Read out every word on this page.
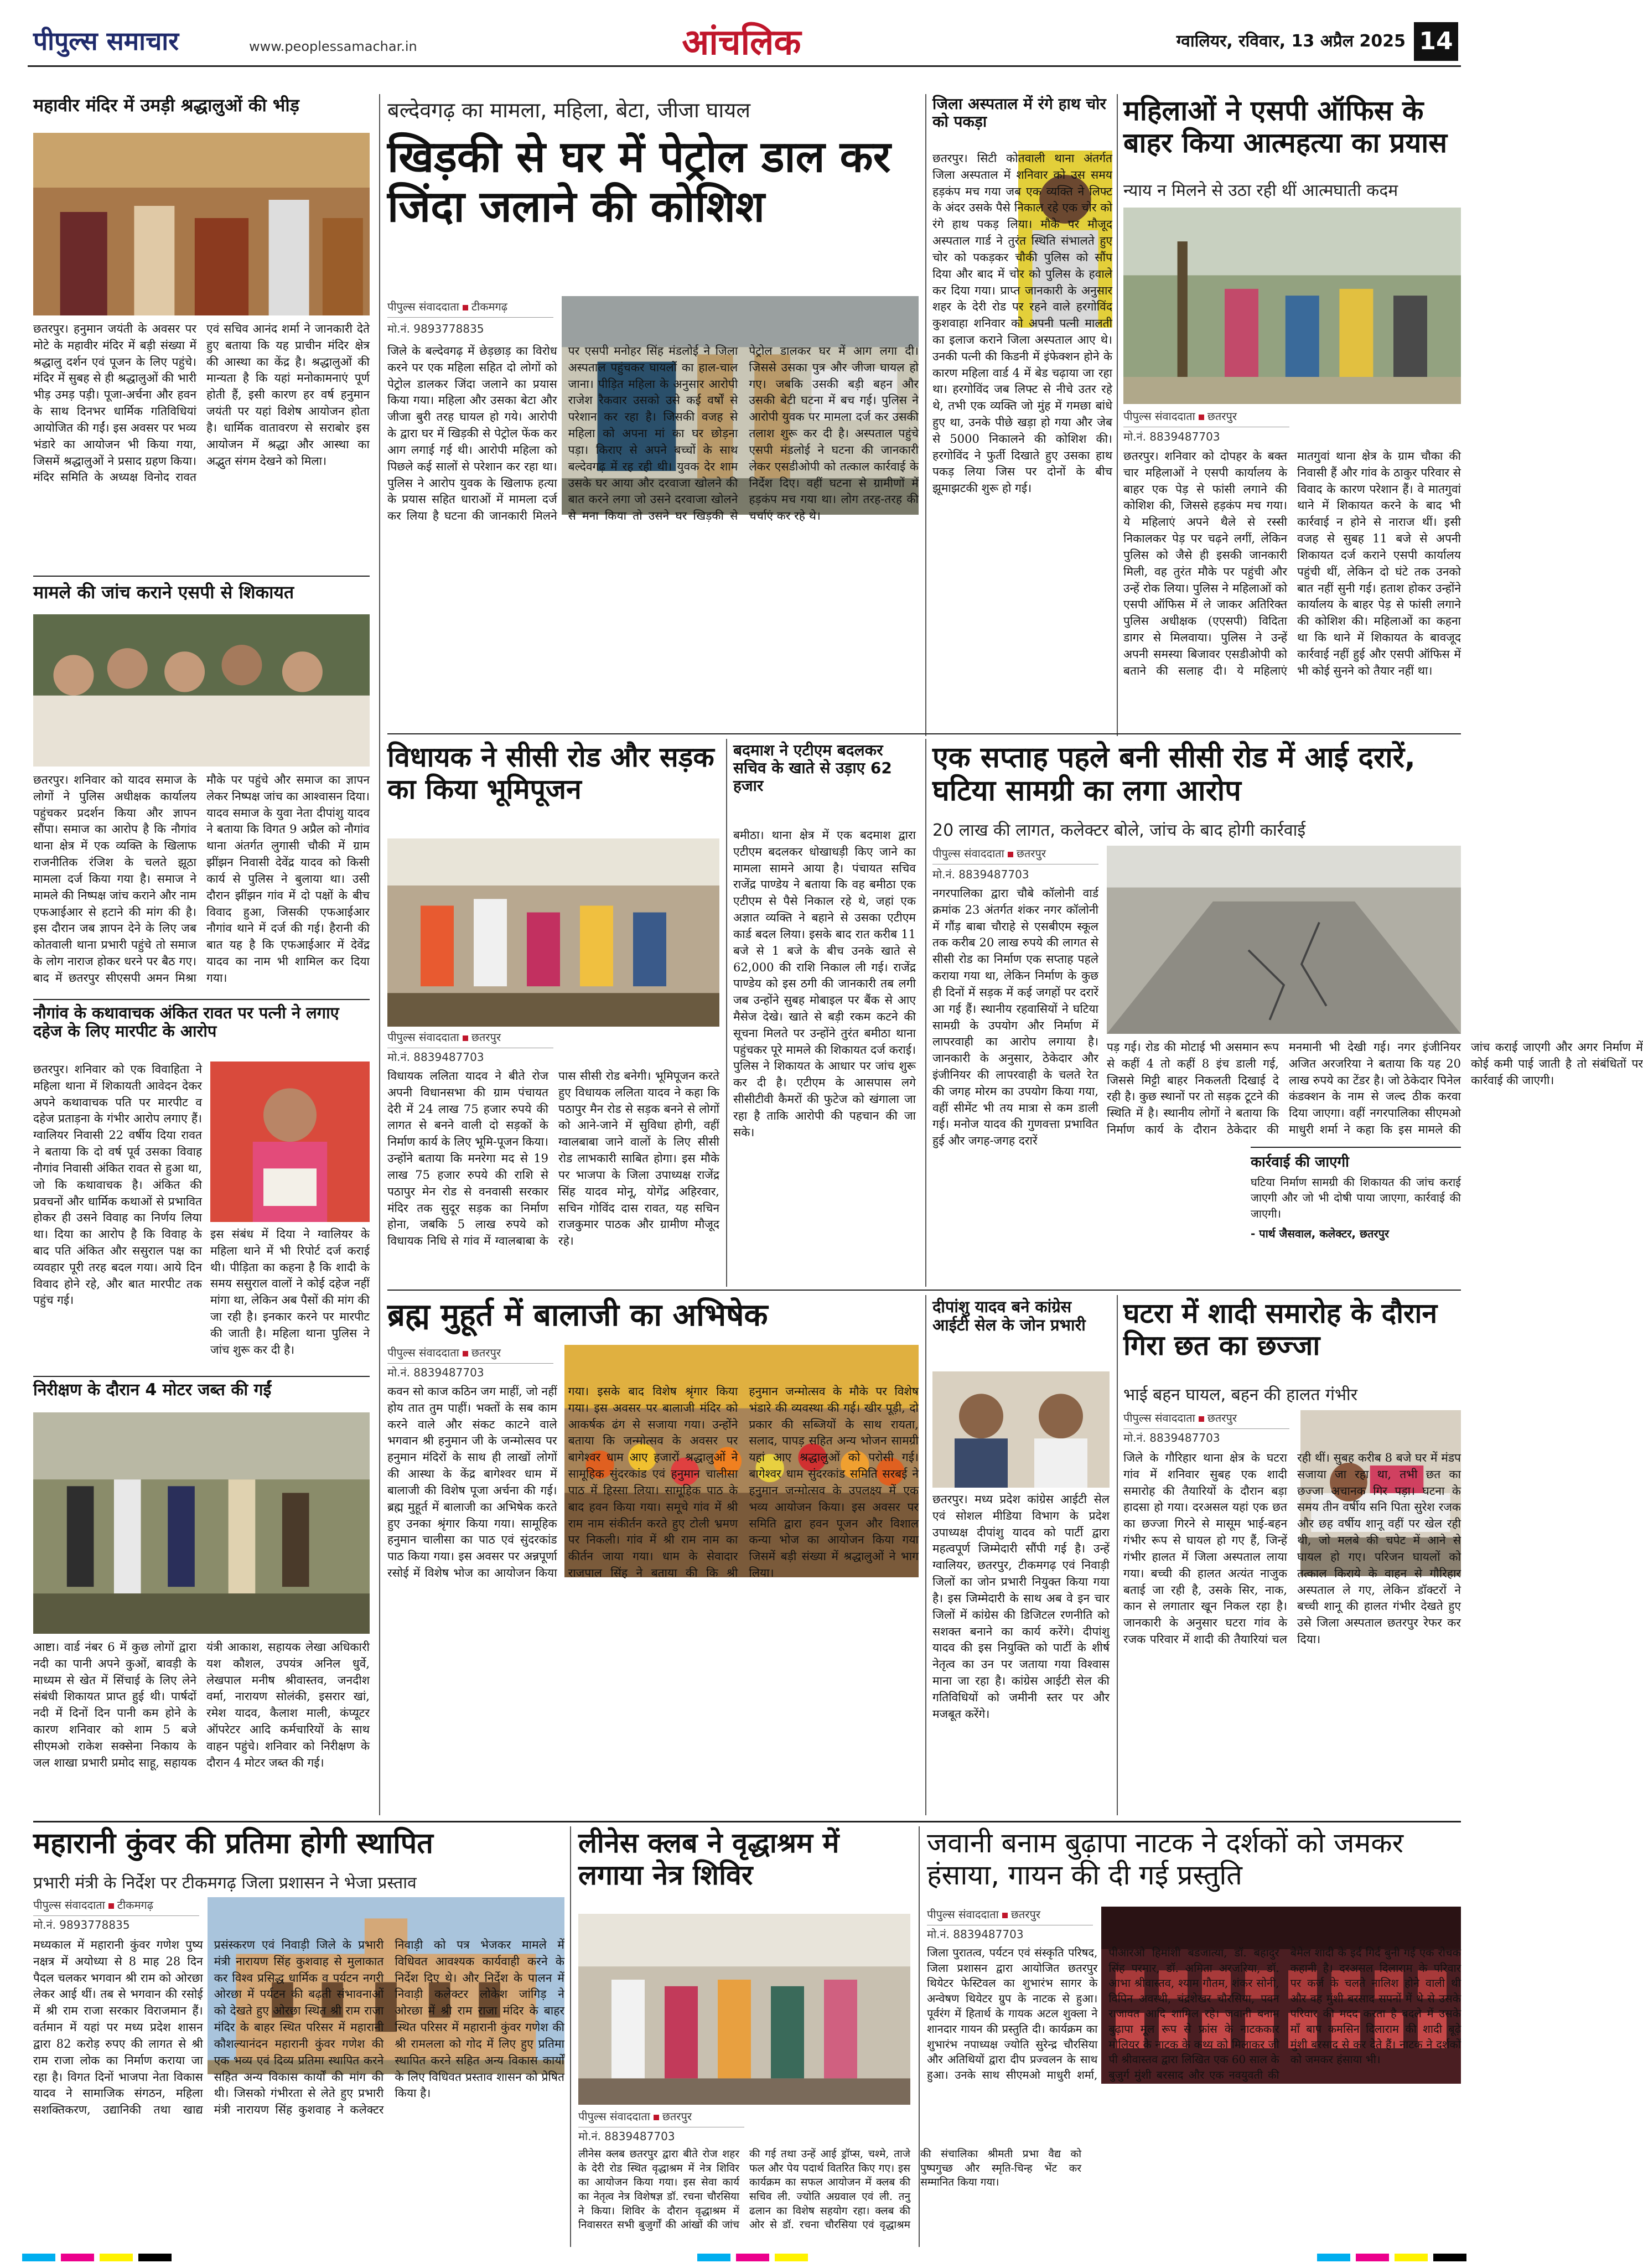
पीपुल्स समाचार	www.peoplessamachar.in	आंचलिक	ग्वालियर, रविवार, 13 अप्रैल 2025 14
महावीर मंदिर में उमड़ी श्रद्धालुओं की भीड़
छतरपुर। हनुमान जयंती के अवसर पर मोटे के महावीर मंदिर में बड़ी संख्या में श्रद्धालु दर्शन एवं पूजन के लिए पहुंचे। मंदिर में सुबह से ही श्रद्धालुओं की भारी भीड़ उमड़ पड़ी। पूजा-अर्चना और हवन के साथ दिनभर धार्मिक गतिविधियां आयोजित की गईं। इस अवसर पर भव्य भंडारे का आयोजन भी किया गया, जिसमें श्रद्धालुओं ने प्रसाद ग्रहण किया। मंदिर समिति के अध्यक्ष विनोद रावत एवं सचिव आनंद शर्मा ने जानकारी देते हुए बताया कि यह प्राचीन मंदिर क्षेत्र की आस्था का केंद्र है। श्रद्धालुओं की मान्यता है कि यहां मनोकामनाएं पूर्ण होती हैं, इसी कारण हर वर्ष हनुमान जयंती पर यहां विशेष आयोजन होता है। धार्मिक वातावरण से सराबोर इस आयोजन में श्रद्धा और आस्था का अद्भुत संगम देखने को मिला।
मामले की जांच कराने एसपी से शिकायत
छतरपुर। शनिवार को यादव समाज के लोगों ने पुलिस अधीक्षक कार्यालय पहुंचकर प्रदर्शन किया और ज्ञापन सौंपा। समाज का आरोप है कि नौगांव थाना क्षेत्र में एक व्यक्ति के खिलाफ राजनीतिक रंजिश के चलते झूठा मामला दर्ज किया गया है। समाज ने मामले की निष्पक्ष जांच कराने और नाम एफआईआर से हटाने की मांग की है। इस दौरान जब ज्ञापन देने के लिए जब कोतवाली थाना प्रभारी पहुंचे तो समाज के लोग नाराज होकर धरने पर बैठ गए। बाद में छतरपुर सीएसपी अमन मिश्रा मौके पर पहुंचे और समाज का ज्ञापन लेकर निष्पक्ष जांच का आश्वासन दिया। यादव समाज के युवा नेता दीपांशु यादव ने बताया कि विगत 9 अप्रैल को नौगांव थाना अंतर्गत लुगासी चौकी में ग्राम झींझन निवासी देवेंद्र यादव को किसी कार्य से पुलिस ने बुलाया था। उसी दौरान झींझन गांव में दो पक्षों के बीच विवाद हुआ, जिसकी एफआईआर नौगांव थाने में दर्ज की गई। हैरानी की बात यह है कि एफआईआर में देवेंद्र यादव का नाम भी शामिल कर दिया गया।
नौगांव के कथावाचक अंकित रावत पर पत्नी ने लगाए दहेज के लिए मारपीट के आरोप
छतरपुर। शनिवार को एक विवाहिता ने महिला थाना में शिकायती आवेदन देकर अपने कथावाचक पति पर मारपीट व दहेज प्रताड़ना के गंभीर आरोप लगाए हैं। ग्वालियर निवासी 22 वर्षीय दिया रावत ने बताया कि दो वर्ष पूर्व उसका विवाह नौगांव निवासी अंकित रावत से हुआ था, जो कि कथावाचक है। अंकित की प्रवचनों और धार्मिक कथाओं से प्रभावित होकर ही उसने विवाह का निर्णय लिया था। दिया का आरोप है कि विवाह के बाद पति अंकित और ससुराल पक्ष का व्यवहार पूरी तरह बदल गया। आये दिन विवाद होने रहे, और बात मारपीट तक पहुंच गई।
इस संबंध में दिया ने ग्वालियर के महिला थाने में भी रिपोर्ट दर्ज कराई थी। पीड़िता का कहना है कि शादी के समय ससुराल वालों ने कोई दहेज नहीं मांगा था, लेकिन अब पैसों की मांग की जा रही है। इनकार करने पर मारपीट की जाती है। महिला थाना पुलिस ने जांच शुरू कर दी है।
निरीक्षण के दौरान 4 मोटर जब्त की गईं
आष्टा। वार्ड नंबर 6 में कुछ लोगों द्वारा नदी का पानी अपने कुओं, बावड़ी के माध्यम से खेत में सिंचाई के लिए लेने संबंधी शिकायत प्राप्त हुई थी। पार्षदों नदी में दिनों दिन पानी कम होने के कारण शनिवार को शाम 5 बजे सीएमओ राकेश सक्सेना निकाय के जल शाखा प्रभारी प्रमोद साहू, सहायक यंत्री आकाश, सहायक लेखा अधिकारी यश कौशल, उपयंत्र अनिल धुर्वे, लेखपाल मनीष श्रीवास्तव, जनदीश वर्मा, नारायण सोलंकी, इसरार खां, रमेश यादव, कैलाश माली, कंप्यूटर ऑपरेटर आदि कर्मचारियों के साथ वाहन पहुंचे। शनिवार को निरीक्षण के दौरान 4 मोटर जब्त की गई।
बल्देवगढ़ का मामला, महिला, बेटा, जीजा घायल
खिड़की से घर में पेट्रोल डाल कर जिंदा जलाने की कोशिश
पीपुल्स संवाददाता टीकमगढ़
मो.नं. 9893778835
जिले के बल्देवगढ़ में छेड़छाड़ का विरोध करने पर एक महिला सहित दो लोगों को पेट्रोल डालकर जिंदा जलाने का प्रयास किया गया। महिला और उसका बेटा और जीजा बुरी तरह घायल हो गये। आरोपी के द्वारा घर में खिड़की से पेट्रोल फेंक कर आग लगाई गई थी। आरोपी महिला को पिछले कई सालों से परेशान कर रहा था। पुलिस ने आरोप युवक के खिलाफ हत्या के प्रयास सहित धाराओं में मामला दर्ज कर लिया है घटना की जानकारी मिलने पर एसपी मनोहर सिंह मंडलोई ने जिला अस्पताल पहुंचकर घायलों का हाल-चाल जाना। पीड़ित महिला के अनुसार आरोपी राजेश रैकवार उसको उसे कई वर्षों से परेशान कर रहा है। जिसकी वजह से महिला को अपना मां का घर छोड़ना पड़ा। किराए से अपने बच्चों के साथ बल्देवगढ़ में रह रही थी। युवक देर शाम उसके घर आया और दरवाजा खोलने की बात करने लगा जो उसने दरवाजा खोलने से मना किया तो उसने घर खिड़की से पेट्रोल डालकर घर में आग लगा दी। जिससे उसका पुत्र और जीजा घायल हो गए। जबकि उसकी बड़ी बहन और उसकी बेटी घटना में बच गई। पुलिस ने आरोपी युवक पर मामला दर्ज कर उसकी तलाश शुरू कर दी है। अस्पताल पहुंचे एसपी मंडलोई ने घटना की जानकारी लेकर एसडीओपी को तत्काल कार्रवाई के निर्देश दिए। वहीं घटना से ग्रामीणों में हड़कंप मच गया था। लोग तरह-तरह की चर्चाएं कर रहे थे।
जिला अस्पताल में रंगे हाथ चोर को पकड़ा
छतरपुर। सिटी कोतवाली थाना अंतर्गत जिला अस्पताल में शनिवार को उस समय हड़कंप मच गया जब एक व्यक्ति ने लिफ्ट के अंदर उसके पैसे निकाल रहे एक चोर को रंगे हाथ पकड़ लिया। मौके पर मौजूद अस्पताल गार्ड ने तुरंत स्थिति संभालते हुए चोर को पकड़कर चौकी पुलिस को सौंप दिया और बाद में चोर को पुलिस के हवाले कर दिया गया। प्राप्त जानकारी के अनुसार शहर के देरी रोड पर रहने वाले हरगोविंद कुशवाहा शनिवार को अपनी पत्नी मालती का इलाज कराने जिला अस्पताल आए थे। उनकी पत्नी की किडनी में इंफेक्शन होने के कारण महिला वार्ड 4 में बेड चढ़ाया जा रहा था। हरगोविंद जब लिफ्ट से नीचे उतर रहे थे, तभी एक व्यक्ति जो मुंह में गमछा बांधे हुए था, उनके पीछे खड़ा हो गया और जेब से 5000 निकालने की कोशिश की। हरगोविंद ने फुर्ती दिखाते हुए उसका हाथ पकड़ लिया जिस पर दोनों के बीच झूमाझटकी शुरू हो गई।
महिलाओं ने एसपी ऑफिस के बाहर किया आत्महत्या का प्रयास
न्याय न मिलने से उठा रही थीं आत्मघाती कदम
पीपुल्स संवाददाता छतरपुर
मो.नं. 8839487703
छतरपुर। शनिवार को दोपहर के बक्त चार महिलाओं ने एसपी कार्यालय के बाहर एक पेड़ से फांसी लगाने की कोशिश की, जिससे हड़कंप मच गया। ये महिलाएं अपने थैले से रस्सी निकालकर पेड़ पर चढ़ने लगीं, लेकिन पुलिस को जैसे ही इसकी जानकारी मिली, वह तुरंत मौके पर पहुंची और उन्हें रोक लिया। पुलिस ने महिलाओं को एसपी ऑफिस में ले जाकर अतिरिक्त पुलिस अधीक्षक (एएसपी) विदिता डागर से मिलवाया। पुलिस ने उन्हें अपनी समस्या बिजावर एसडीओपी को बताने की सलाह दी। ये महिलाएं मातगुवां थाना क्षेत्र के ग्राम चौका की निवासी हैं और गांव के ठाकुर परिवार से विवाद के कारण परेशान हैं। वे मातगुवां थाने में शिकायत करने के बाद भी कार्रवाई न होने से नाराज थीं। इसी वजह से सुबह 11 बजे से अपनी शिकायत दर्ज कराने एसपी कार्यालय पहुंची थीं, लेकिन दो घंटे तक उनको बात नहीं सुनी गई। हताश होकर उन्होंने कार्यालय के बाहर पेड़ से फांसी लगाने की कोशिश की। महिलाओं का कहना था कि थाने में शिकायत के बावजूद कार्रवाई नहीं हुई और एसपी ऑफिस में भी कोई सुनने को तैयार नहीं था।
विधायक ने सीसी रोड और सड़क का किया भूमिपूजन
पीपुल्स संवाददाता छतरपुर
मो.नं. 8839487703
विधायक ललिता यादव ने बीते रोज अपनी विधानसभा की ग्राम पंचायत देरी में 24 लाख 75 हजार रुपये की लागत से बनने वाली दो सड़कों के निर्माण कार्य के लिए भूमि-पूजन किया। उन्होंने बताया कि मनरेगा मद से 19 लाख 75 हजार रुपये की राशि से पठापुर मेन रोड से वनवासी सरकार मंदिर तक सुदूर सड़क का निर्माण होना, जबकि 5 लाख रुपये को विधायक निधि से गांव में ग्वालबाबा के पास सीसी रोड बनेगी। भूमिपूजन करते हुए विधायक ललिता यादव ने कहा कि पठापुर मैन रोड से सड़क बनने से लोगों को आने-जाने में सुविधा होगी, वहीं ग्वालबाबा जाने वालों के लिए सीसी रोड लाभकारी साबित होगा। इस मौके पर भाजपा के जिला उपाध्यक्ष राजेंद्र सिंह यादव मोनू, योगेंद्र अहिरवार, सचिन गोविंद दास रावत, यह सचिन राजकुमार पाठक और ग्रामीण मौजूद रहे।
बदमाश ने एटीएम बदलकर सचिव के खाते से उड़ाए 62 हजार
बमीठा। थाना क्षेत्र में एक बदमाश द्वारा एटीएम बदलकर धोखाधड़ी किए जाने का मामला सामने आया है। पंचायत सचिव राजेंद्र पाण्डेय ने बताया कि वह बमीठा एक एटीएम से पैसे निकाल रहे थे, जहां एक अज्ञात व्यक्ति ने बहाने से उसका एटीएम कार्ड बदल लिया। इसके बाद रात करीब 11 बजे से 1 बजे के बीच उनके खाते से 62,000 की राशि निकाल ली गई। राजेंद्र पाण्डेय को इस ठगी की जानकारी तब लगी जब उन्होंने सुबह मोबाइल पर बैंक से आए मैसेज देखे। खाते से बड़ी रकम कटने की सूचना मिलते पर उन्होंने तुरंत बमीठा थाना पहुंचकर पूरे मामले की शिकायत दर्ज कराई। पुलिस ने शिकायत के आधार पर जांच शुरू कर दी है। एटीएम के आसपास लगे सीसीटीवी कैमरों की फुटेज को खंगाला जा रहा है ताकि आरोपी की पहचान की जा सके।
एक सप्ताह पहले बनी सीसी रोड में आई दरारें, घटिया सामग्री का लगा आरोप
20 लाख की लागत, कलेक्टर बोले, जांच के बाद होगी कार्रवाई
पीपुल्स संवाददाता छतरपुर
मो.नं. 8839487703
नगरपालिका द्वारा चौबे कॉलोनी वार्ड क्रमांक 23 अंतर्गत शंकर नगर कॉलोनी में गौंड़ बाबा चौराहे से एसबीएम स्कूल तक करीब 20 लाख रुपये की लागत से सीसी रोड का निर्माण एक सप्ताह पहले कराया गया था, लेकिन निर्माण के कुछ ही दिनों में सड़क में कई जगहों पर दरारें आ गई हैं। स्थानीय रहवासियों ने घटिया सामग्री के उपयोग और निर्माण में लापरवाही का आरोप लगाया है। जानकारी के अनुसार, ठेकेदार और इंजीनियर की लापरवाही के चलते रेत की जगह मोरम का उपयोग किया गया, वहीं सीमेंट भी तय मात्रा से कम डाली गई। मनोज यादव की गुणवत्ता प्रभावित हुई और जगह-जगह दरारें
पड़ गई। रोड की मोटाई भी असमान रूप से कहीं 4 तो कहीं 8 इंच डाली गई, जिससे मिट्टी बाहर निकलती दिखाई दे रही है। कुछ स्थानों पर तो सड़क टूटने की स्थिति में है। स्थानीय लोगों ने बताया कि निर्माण कार्य के दौरान ठेकेदार की मनमानी भी देखी गई। नगर इंजीनियर अजित अरजरिया ने बताया कि यह 20 लाख रुपये का टेंडर है। जो ठेकेदार पिनेल कंडक्शन के नाम से जल्द ठीक करवा दिया जाएगा। वहीं नगरपालिका सीएमओ माधुरी शर्मा ने कहा कि इस मामले की जांच कराई जाएगी और अगर निर्माण में कोई कमी पाई जाती है तो संबंधितों पर कार्रवाई की जाएगी।
कार्रवाई की जाएगी
घटिया निर्माण सामग्री की शिकायत की जांच कराई जाएगी और जो भी दोषी पाया जाएगा, कार्रवाई की जाएगी।
- पार्थ जैसवाल, कलेक्टर, छतरपुर
ब्रह्म मुहूर्त में बालाजी का अभिषेक
पीपुल्स संवाददाता छतरपुर
मो.नं. 8839487703
कवन सो काज कठिन जग माहीं, जो नहीं होय तात तुम पाहीं। भक्तों के सब काम करने वाले और संकट काटने वाले भगवान श्री हनुमान जी के जन्मोत्सव पर हनुमान मंदिरों के साथ ही लाखों लोगों की आस्था के केंद्र बागेश्वर धाम में बालाजी की विशेष पूजा अर्चना की गई। ब्रह्म मुहूर्त में बालाजी का अभिषेक करते हुए उनका श्रृंगार किया गया। सामूहिक हनुमान चालीसा का पाठ एवं सुंदरकांड पाठ किया गया। इस अवसर पर अन्नपूर्णा रसोई में विशेष भोज का आयोजन किया गया। इसके बाद विशेष श्रृंगार किया गया। इस अवसर पर बालाजी मंदिर को आकर्षक ढंग से सजाया गया। उन्होंने बताया कि जन्मोत्सव के अवसर पर बागेश्वर धाम आए हजारों श्रद्धालुओं ने सामूहिक सुंदरकांड एवं हनुमान चालीसा पाठ में हिस्सा लिया। सामूहिक पाठ के बाद हवन किया गया। समूचे गांव में श्री राम नाम संकीर्तन करते हुए टोली भ्रमण पर निकली। गांव में श्री राम नाम का कीर्तन जाया गया। धाम के सेवादार राजपाल सिंह ने बताया की कि श्री हनुमान जन्मोत्सव के मौके पर विशेष भंडारे की व्यवस्था की गई। खीर पूड़ी, दो प्रकार की सब्जियों के साथ रायता, सलाद, पापड़ सहित अन्य भोजन सामग्री यहां आए श्रद्धालुओं को परोसी गई। बागेश्वर धाम सुंदरकांड समिति सरबई ने हनुमान जन्मोत्सव के उपलक्ष्य में एक भव्य आयोजन किया। इस अवसर पर समिति द्वारा हवन पूजन और विशाल कन्या भोज का आयोजन किया गया जिसमें बड़ी संख्या में श्रद्धालुओं ने भाग लिया।
दीपांशु यादव बने कांग्रेस आईटी सेल के जोन प्रभारी
छतरपुर। मध्य प्रदेश कांग्रेस आईटी सेल एवं सोशल मीडिया विभाग के प्रदेश उपाध्यक्ष दीपांशु यादव को पार्टी द्वारा महत्वपूर्ण जिम्मेदारी सौंपी गई है। उन्हें ग्वालियर, छतरपुर, टीकमगढ़ एवं निवाड़ी जिलों का जोन प्रभारी नियुक्त किया गया है। इस जिम्मेदारी के साथ अब वे इन चार जिलों में कांग्रेस की डिजिटल रणनीति को सशक्त बनाने का कार्य करेंगे। दीपांशु यादव की इस नियुक्ति को पार्टी के शीर्ष नेतृत्व का उन पर जताया गया विश्वास माना जा रहा है। कांग्रेस आईटी सेल की गतिविधियों को जमीनी स्तर पर और मजबूत करेंगे।
घटरा में शादी समारोह के दौरान गिरा छत का छज्जा
भाई बहन घायल, बहन की हालत गंभीर
पीपुल्स संवाददाता छतरपुर
मो.नं. 8839487703
जिले के गौरिहार थाना क्षेत्र के घटरा गांव में शनिवार सुबह एक शादी समारोह की तैयारियों के दौरान बड़ा हादसा हो गया। दरअसल यहां एक छत का छज्जा गिरने से मासूम भाई-बहन गंभीर रूप से घायल हो गए हैं, जिन्हें गंभीर हालत में जिला अस्पताल लाया गया। बच्ची की हालत अत्यंत नाजुक बताई जा रही है, उसके सिर, नाक, कान से लगातार खून निकल रहा है। जानकारी के अनुसार घटरा गांव के रजक परिवार में शादी की तैयारियां चल रही थीं। सुबह करीब 8 बजे घर में मंडप सजाया जा रहा था, तभी छत का छज्जा अचानक गिर पड़ा। घटना के समय तीन वर्षीय सनि पिता सुरेश रजक और छह वर्षीय शानू वहीं पर खेल रही थी, जो मलबे की चपेट में आने से घायल हो गए। परिजन घायलों को तत्काल किराये के वाहन से गौरिहार अस्पताल ले गए, लेकिन डॉक्टरों ने बच्ची शानू की हालत गंभीर देखते हुए उसे जिला अस्पताल छतरपुर रेफर कर दिया।
महारानी कुंवर की प्रतिमा होगी स्थापित
प्रभारी मंत्री के निर्देश पर टीकमगढ़ जिला प्रशासन ने भेजा प्रस्ताव
पीपुल्स संवाददाता टीकमगढ़
मो.नं. 9893778835
मध्यकाल में महारानी कुंवर गणेश पुष्य नक्षत्र में अयोध्या से 8 माह 28 दिन पैदल चलकर भगवान श्री राम को ओरछा लेकर आई थीं। तब से भगवान की रसोई में श्री राम राजा सरकार विराजमान हैं। वर्तमान में यहां पर मध्य प्रदेश शासन द्वारा 82 करोड़ रुपए की लागत से श्री राम राजा लोक का निर्माण कराया जा रहा है। विगत दिनों भाजपा नेता विकास यादव ने सामाजिक संगठन, महिला सशक्तिकरण, उद्यानिकी तथा खाद्य प्रसंस्करण एवं निवाड़ी जिले के प्रभारी मंत्री नारायण सिंह कुशवाह से मुलाकात कर विश्व प्रसिद्ध धार्मिक व पर्यटन नगरी ओरछा में पर्यटन की बढ़ती संभावनाओं को देखते हुए ओरछा स्थित श्री राम राजा मंदिर के बाहर स्थित परिसर में महारानी कौशल्यानंदन महारानी कुंवर गणेश की एक भव्य एवं दिव्य प्रतिमा स्थापित करने सहित अन्य विकास कार्यों की मांग की थी। जिसको गंभीरता से लेते हुए प्रभारी मंत्री नारायण सिंह कुशवाह ने कलेक्टर निवाड़ी को पत्र भेजकर मामले में विधिवत आवश्यक कार्यवाही करने के निर्देश दिए थे। और निर्देश के पालन में निवाड़ी कलेक्टर लोकेश जांगिड़ ने ओरछा में श्री राम राजा मंदिर के बाहर स्थित परिसर में महारानी कुंवर गणेश की श्री रामलला को गोद में लिए हुए प्रतिमा स्थापित करने सहित अन्य विकास कार्यों के लिए विधिवत प्रस्ताव शासन को प्रेषित किया है।
लीनेस क्लब ने वृद्धाश्रम में लगाया नेत्र शिविर
पीपुल्स संवाददाता छतरपुर
मो.नं. 8839487703
लीनेस क्लब छतरपुर द्वारा बीते रोज शहर के देरी रोड स्थित वृद्धाश्रम में नेत्र शिविर का आयोजन किया गया। इस सेवा कार्य का नेतृत्व नेत्र विशेषज्ञ डॉ. रचना चौरसिया ने किया। शिविर के दौरान वृद्धाश्रम में निवासरत सभी बुजुर्गों की आंखों की जांच की गई तथा उन्हें आई ड्रॉप्स, चश्मे, ताजे फल और पेय पदार्थ वितरित किए गए। इस कार्यक्रम का सफल आयोजन में क्लब की सचिव ली. ज्योति अग्रवाल एवं ली. तनु ढलान का विशेष सहयोग रहा। क्लब की ओर से डॉ. रचना चौरसिया एवं वृद्धाश्रम की संचालिका श्रीमती प्रभा वैद्य को पुष्पगुच्छ और स्मृति-चिन्ह भेंट कर सम्मानित किया गया।
जवानी बनाम बुढ़ापा नाटक ने दर्शकों को जमकर हंसाया, गायन की दी गई प्रस्तुति
पीपुल्स संवाददाता छतरपुर
मो.नं. 8839487703
जिला पुरातत्व, पर्यटन एवं संस्कृति परिषद, जिला प्रशासन द्वारा आयोजित छतरपुर थियेटर फेस्टिवल का शुभारंभ सागर के अन्वेषण थियेटर ग्रुप के नाटक से हुआ। पूर्वरंग में हितार्थ के गायक अटल शुक्ला ने शानदार गायन की प्रस्तुति दी। कार्यक्रम का शुभारंभ नपाध्यक्ष ज्योति सुरेन्द्र चौरसिया और अतिथियों द्वारा दीप प्रज्वलन के साथ हुआ। उनके साथ सीएमओ माधुरी शर्मा, पीआरओ हिमांशी बडजात्या, डॉ. बहादुर सिंह परमार, डॉ. अमिता अरजरिया, डॉ. आभा श्रीवास्तव, श्याम गौतम, शंकर सोनी, विपिन अवस्थी, चंद्रशेखर चौरसिया, पवन राजावत आदि शामिल रहे। जवानी बनाम बुढ़ापा मूल रूप से फ्रांस के नाटककार मोलियर के नाटक के कथ्य को मिलाकर जी पी श्रीवास्तव द्वारा लिखित एक 60 साल के बुजुर्ग मुंशी बरसाद और एक नवयुवती की बेमेल शादी के इर्द गिर्द बुनी गई एक रोचक कहानी है। दरअसल दिलाराम के परिवार पर कर्ज के चलते नालिश होने वाली थी और वह मुंशी बरसाद सपनों में थे से उसके परिवार की मदद करता है बदले में उसके माँ बाप कमसिन दिलाराम की शादी बूढ़े मुंशी बरसाद से कर देते हैं। नाटक ने दर्शकों को जमकर हंसाया भी।
